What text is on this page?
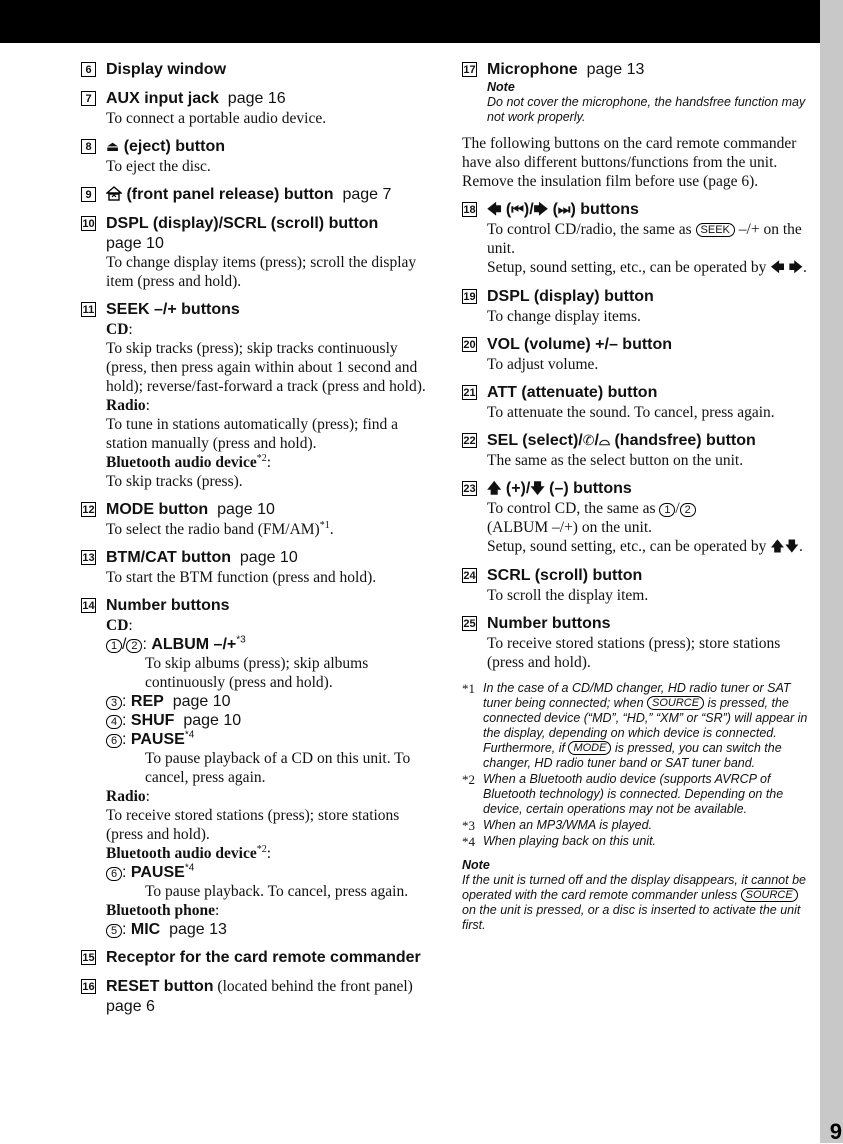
9
6 Display window
7 AUX input jack page 16
To connect a portable audio device.
8	⏏ (eject) button
To eject the disc.
9	(front panel release) button page 7
10 DSPL (display)/SCRL (scroll) button
page 10
To change display items (press); scroll the display item (press and hold).
11 SEEK –/+ buttons
CD:
To skip tracks (press); skip tracks continuously (press, then press again within about 1 second and hold); reverse/fast-forward a track (press and hold).
Radio:
To tune in stations automatically (press); find a station manually (press and hold).
Bluetooth audio device$^{*2}$:
To skip tracks (press).
12 MODE button page 10
To select the radio band $(FM/AM)^{*1}$.
13 BTM/CAT button page 10
To start the BTM function (press and hold).
14 Number buttons
CD:
1 / 2 : ALBUM –/+$^{*3}$
To skip albums (press); skip albums continuously (press and hold).
3 : REP page 10
4 : SHUF page 10
6 : PAUSE$^{*4}$
To pause playback of a CD on this unit. To cancel, press again.
Radio:
To receive stored stations (press); store stations (press and hold).
Bluetooth audio device$^{*2}$:
6 : PAUSE$^{*4}$
To pause playback. To cancel, press again.
Bluetooth phone:
5 : MIC page 13
15 Receptor for the card remote commander
16 RESET button (located behind the front panel)  page 6
17 Microphone page 13
Note
Do not cover the microphone, the handsfree function may not work properly.

The following buttons on the card remote commander have also different buttons/functions from the unit. Remove the insulation film before use (page 6).

18 🡄 (⏮)/🡆 (⏭) buttons
To control CD/radio, the same as SEEK –/+ on the unit.
Setup, sound setting, etc., can be operated by 🡄 🡆.
19 DSPL (display) button
To change display items.
20 VOL (volume) +/– button
To adjust volume.
21 ATT (attenuate) button
To attenuate the sound. To cancel, press again.
22 SEL (select)/✆/⌓ (handsfree) button
The same as the select button on the unit.
23 🡅 (+)/🡇 (–) buttons
To control CD, the same as 1 / 2
(ALBUM –/+) on the unit.
Setup, sound setting, etc., can be operated by 🡅🡇.
24 SCRL (scroll) button
To scroll the display item.
25 Number buttons
To receive stored stations (press); store stations (press and hold).
*1 In the case of a CD/MD changer, HD radio tuner or SAT tuner being connected; when SOURCE is pressed, the connected device (“MD”, “HD,” “XM” or “SR”) will appear in the display, depending on which device is connected. Furthermore, if MODE is pressed, you can switch the changer, HD radio tuner band or SAT tuner band.
*2 When a Bluetooth audio device (supports AVRCP of Bluetooth technology) is connected. Depending on the device, certain operations may not be available.
*3 When an MP3/WMA is played.
*4 When playing back on this unit.
Note
If the unit is turned off and the display disappears, it cannot be operated with the card remote commander unless SOURCE on the unit is pressed, or a disc is inserted to activate the unit first.
